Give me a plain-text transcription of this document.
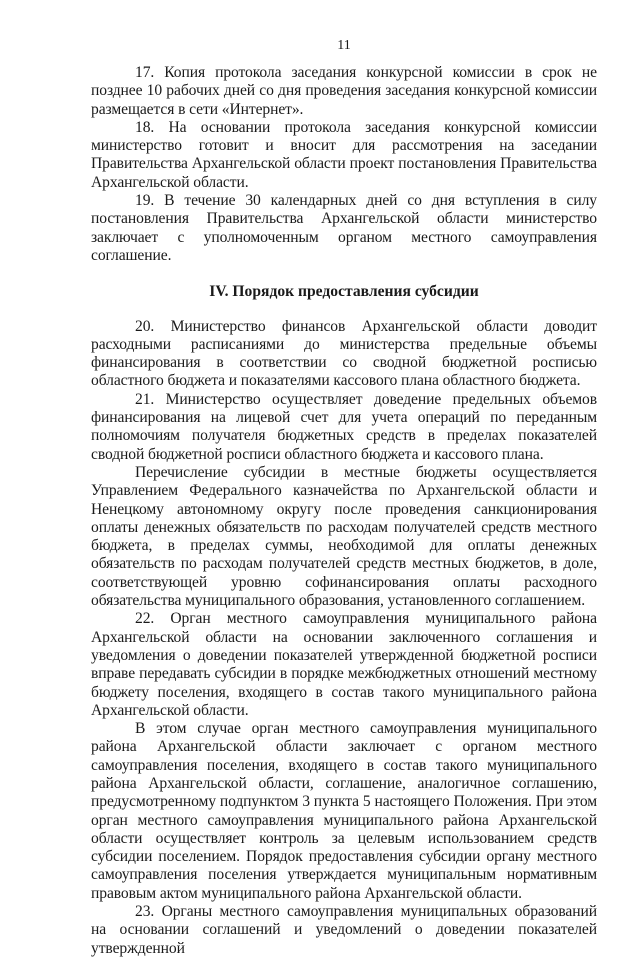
11

17. Копия протокола заседания конкурсной комиссии в срок не позднее 10 рабочих дней со дня проведения заседания конкурсной комиссии размещается в сети «Интернет».

18. На основании протокола заседания конкурсной комиссии министерство готовит и вносит для рассмотрения на заседании Правительства Архангельской области проект постановления Правительства Архангельской области.

19. В течение 30 календарных дней со дня вступления в силу постановления Правительства Архангельской области министерство заключает с уполномоченным органом местного самоуправления соглашение.

IV. Порядок предоставления субсидии

20. Министерство финансов Архангельской области доводит расходными расписаниями до министерства предельные объемы финансирования в соответствии со сводной бюджетной росписью областного бюджета и показателями кассового плана областного бюджета.

21. Министерство осуществляет доведение предельных объемов финансирования на лицевой счет для учета операций по переданным полномочиям получателя бюджетных средств в пределах показателей сводной бюджетной росписи областного бюджета и кассового плана.

Перечисление субсидии в местные бюджеты осуществляется Управлением Федерального казначейства по Архангельской области и Ненецкому автономному округу после проведения санкционирования оплаты денежных обязательств по расходам получателей средств местного бюджета, в пределах суммы, необходимой для оплаты денежных обязательств по расходам получателей средств местных бюджетов, в доле, соответствующей уровню софинансирования оплаты расходного обязательства муниципального образования, установленного соглашением.

22. Орган местного самоуправления муниципального района Архангельской области на основании заключенного соглашения и уведомления о доведении показателей утвержденной бюджетной росписи вправе передавать субсидии в порядке межбюджетных отношений местному бюджету поселения, входящего в состав такого муниципального района Архангельской области.

В этом случае орган местного самоуправления муниципального района Архангельской области заключает с органом местного самоуправления поселения, входящего в состав такого муниципального района Архангельской области, соглашение, аналогичное соглашению, предусмотренному подпунктом 3 пункта 5 настоящего Положения. При этом орган местного самоуправления муниципального района Архангельской области осуществляет контроль за целевым использованием средств субсидии поселением. Порядок предоставления субсидии органу местного самоуправления поселения утверждается муниципальным нормативным правовым актом муниципального района Архангельской области.

23. Органы местного самоуправления муниципальных образований на основании соглашений и уведомлений о доведении показателей утвержденной
